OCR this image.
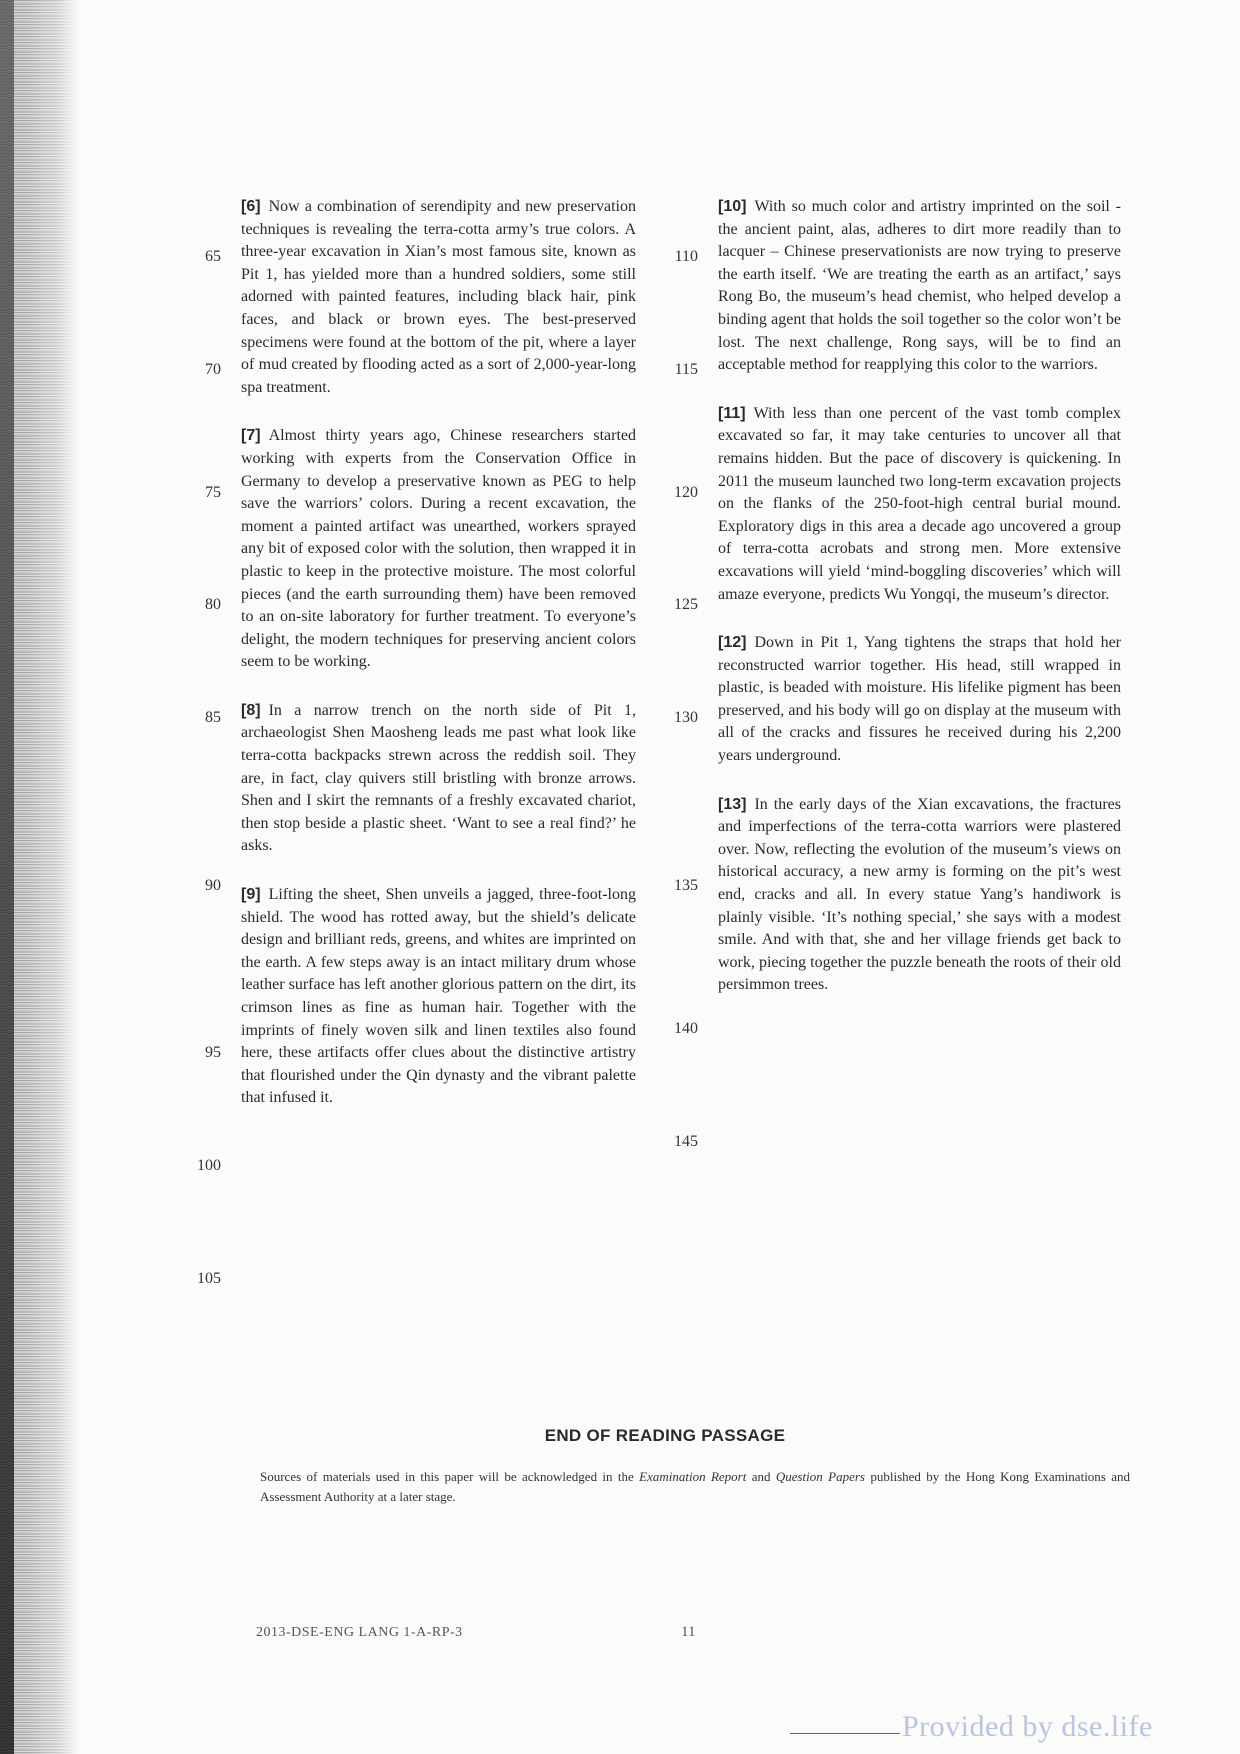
65
70
75
80
85
90
95
100
105

[6] Now a combination of serendipity and new preservation techniques is revealing the terra-cotta army’s true colors. A three-year excavation in Xian’s most famous site, known as Pit 1, has yielded more than a hundred soldiers, some still adorned with painted features, including black hair, pink faces, and black or brown eyes. The best-preserved specimens were found at the bottom of the pit, where a layer of mud created by flooding acted as a sort of 2,000-year-long spa treatment.

[7] Almost thirty years ago, Chinese researchers started working with experts from the Conservation Office in Germany to develop a preservative known as PEG to help save the warriors’ colors. During a recent excavation, the moment a painted artifact was unearthed, workers sprayed any bit of exposed color with the solution, then wrapped it in plastic to keep in the protective moisture. The most colorful pieces (and the earth surrounding them) have been removed to an on-site laboratory for further treatment. To everyone’s delight, the modern techniques for preserving ancient colors seem to be working.

[8] In a narrow trench on the north side of Pit 1, archaeologist Shen Maosheng leads me past what look like terra-cotta backpacks strewn across the reddish soil. They are, in fact, clay quivers still bristling with bronze arrows. Shen and I skirt the remnants of a freshly excavated chariot, then stop beside a plastic sheet. ‘Want to see a real find?’ he asks.

[9] Lifting the sheet, Shen unveils a jagged, three-foot-long shield. The wood has rotted away, but the shield’s delicate design and brilliant reds, greens, and whites are imprinted on the earth. A few steps away is an intact military drum whose leather surface has left another glorious pattern on the dirt, its crimson lines as fine as human hair. Together with the imprints of finely woven silk and linen textiles also found here, these artifacts offer clues about the distinctive artistry that flourished under the Qin dynasty and the vibrant palette that infused it.

110
115
120
125
130
135
140
145

[10] With so much color and artistry imprinted on the soil - the ancient paint, alas, adheres to dirt more readily than to lacquer – Chinese preservationists are now trying to preserve the earth itself. ‘We are treating the earth as an artifact,’ says Rong Bo, the museum’s head chemist, who helped develop a binding agent that holds the soil together so the color won’t be lost. The next challenge, Rong says, will be to find an acceptable method for reapplying this color to the warriors.

[11] With less than one percent of the vast tomb complex excavated so far, it may take centuries to uncover all that remains hidden. But the pace of discovery is quickening. In 2011 the museum launched two long-term excavation projects on the flanks of the 250-foot-high central burial mound. Exploratory digs in this area a decade ago uncovered a group of terra-cotta acrobats and strong men. More extensive excavations will yield ‘mind-boggling discoveries’ which will amaze everyone, predicts Wu Yongqi, the museum’s director.

[12] Down in Pit 1, Yang tightens the straps that hold her reconstructed warrior together. His head, still wrapped in plastic, is beaded with moisture. His lifelike pigment has been preserved, and his body will go on display at the museum with all of the cracks and fissures he received during his 2,200 years underground.

[13] In the early days of the Xian excavations, the fractures and imperfections of the terra-cotta warriors were plastered over. Now, reflecting the evolution of the museum’s views on historical accuracy, a new army is forming on the pit’s west end, cracks and all. In every statue Yang’s handiwork is plainly visible. ‘It’s nothing special,’ she says with a modest smile. And with that, she and her village friends get back to work, piecing together the puzzle beneath the roots of their old persimmon trees.

END OF READING PASSAGE
Sources of materials used in this paper will be acknowledged in the Examination Report and Question Papers published by the Hong Kong Examinations and Assessment Authority at a later stage.
2013-DSE-ENG LANG 1-A-RP-3	11
Provided by dse.life
